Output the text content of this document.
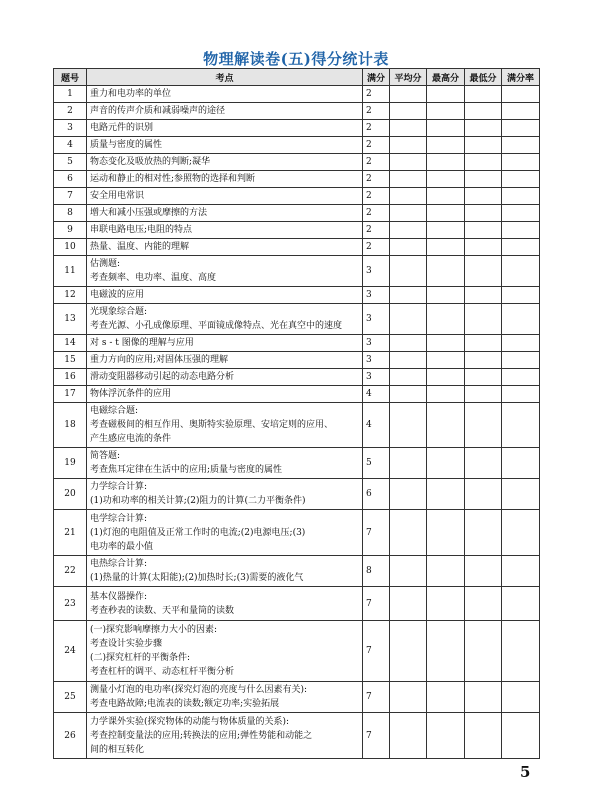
物理解读卷(五)得分统计表
题号	考点	满分	平均分	最高分	最低分	满分率
1	重力和电功率的单位	2				
2	声音的传声介质和减弱噪声的途径	2				
3	电路元件的识别	2				
4	质量与密度的属性	2				
5	物态变化及吸放热的判断;凝华	2				
6	运动和静止的相对性;参照物的选择和判断	2				
7	安全用电常识	2				
8	增大和减小压强或摩擦的方法	2				
9	串联电路电压;电阻的特点	2				
10	热量、温度、内能的理解	2				
11	估测题:
考查频率、电功率、温度、高度	3				
12	电磁波的应用	3				
13	光现象综合题:
考查光源、小孔成像原理、平面镜成像特点、光在真空中的速度	3				
14	对 s - t 图像的理解与应用	3				
15	重力方向的应用;对固体压强的理解	3				
16	滑动变阻器移动引起的动态电路分析	3				
17	物体浮沉条件的应用	4				
18	电磁综合题:
考查磁极间的相互作用、奥斯特实验原理、安培定则的应用、
产生感应电流的条件	4				
19	简答题:
考查焦耳定律在生活中的应用;质量与密度的属性	5				
20	力学综合计算:
(1)功和功率的相关计算;(2)阻力的计算(二力平衡条件)	6				
21	电学综合计算:
(1)灯泡的电阻值及正常工作时的电流;(2)电源电压;(3)
电功率的最小值	7				
22	电热综合计算:
(1)热量的计算(太阳能);(2)加热时长;(3)需要的液化气	8				
23	基本仪器操作:
考查秒表的读数、天平和量筒的读数	7				
24	(一)探究影响摩擦力大小的因素:
考查设计实验步骤
(二)探究杠杆的平衡条件:
考查杠杆的调平、动态杠杆平衡分析	7				
25	测量小灯泡的电功率(探究灯泡的亮度与什么因素有关):
考查电路故障;电流表的读数;额定功率;实验拓展	7				
26	力学课外实验(探究物体的动能与物体质量的关系):
考查控制变量法的应用;转换法的应用;弹性势能和动能之
间的相互转化	7				
5
